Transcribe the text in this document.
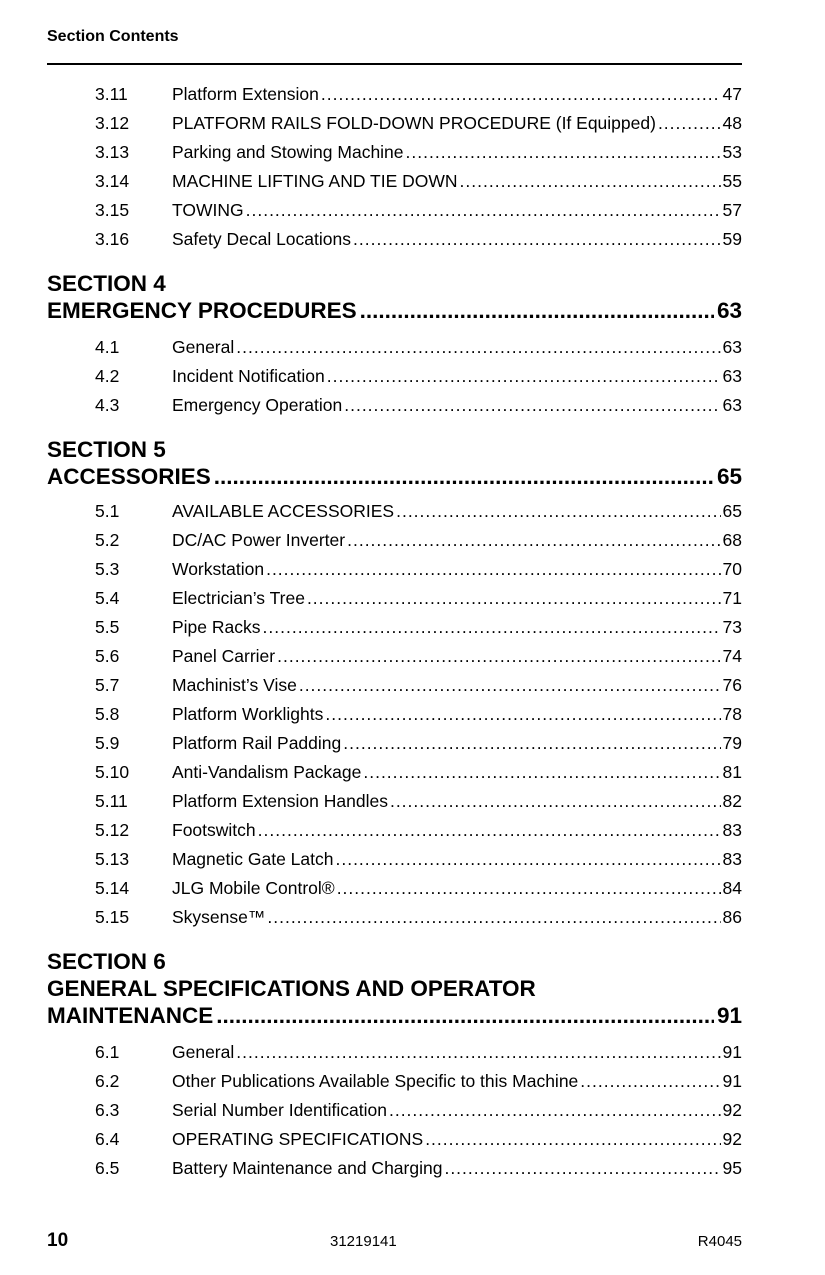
Section Contents
3.11	Platform Extension .....	47
3.12	PLATFORM RAILS FOLD-DOWN PROCEDURE (If Equipped) .....	48
3.13	Parking and Stowing Machine .....	53
3.14	MACHINE LIFTING AND TIE DOWN .....	55
3.15	TOWING .....	57
3.16	Safety Decal Locations .....	59
SECTION 4
EMERGENCY PROCEDURES .....	63
4.1	General .....	63
4.2	Incident Notification .....	63
4.3	Emergency Operation .....	63
SECTION 5
ACCESSORIES .....	65
5.1	AVAILABLE ACCESSORIES .....	65
5.2	DC/AC Power Inverter .....	68
5.3	Workstation .....	70
5.4	Electrician’s Tree .....	71
5.5	Pipe Racks .....	73
5.6	Panel Carrier .....	74
5.7	Machinist’s Vise .....	76
5.8	Platform Worklights .....	78
5.9	Platform Rail Padding .....	79
5.10	Anti-Vandalism Package .....	81
5.11	Platform Extension Handles .....	82
5.12	Footswitch .....	83
5.13	Magnetic Gate Latch .....	83
5.14	JLG Mobile Control® .....	84
5.15	Skysense™ .....	86
SECTION 6
GENERAL SPECIFICATIONS AND OPERATOR
MAINTENANCE .....	91
6.1	General .....	91
6.2	Other Publications Available Specific to this Machine .....	91
6.3	Serial Number Identification .....	92
6.4	OPERATING SPECIFICATIONS .....	92
6.5	Battery Maintenance and Charging .....	95
10	31219141	R4045
